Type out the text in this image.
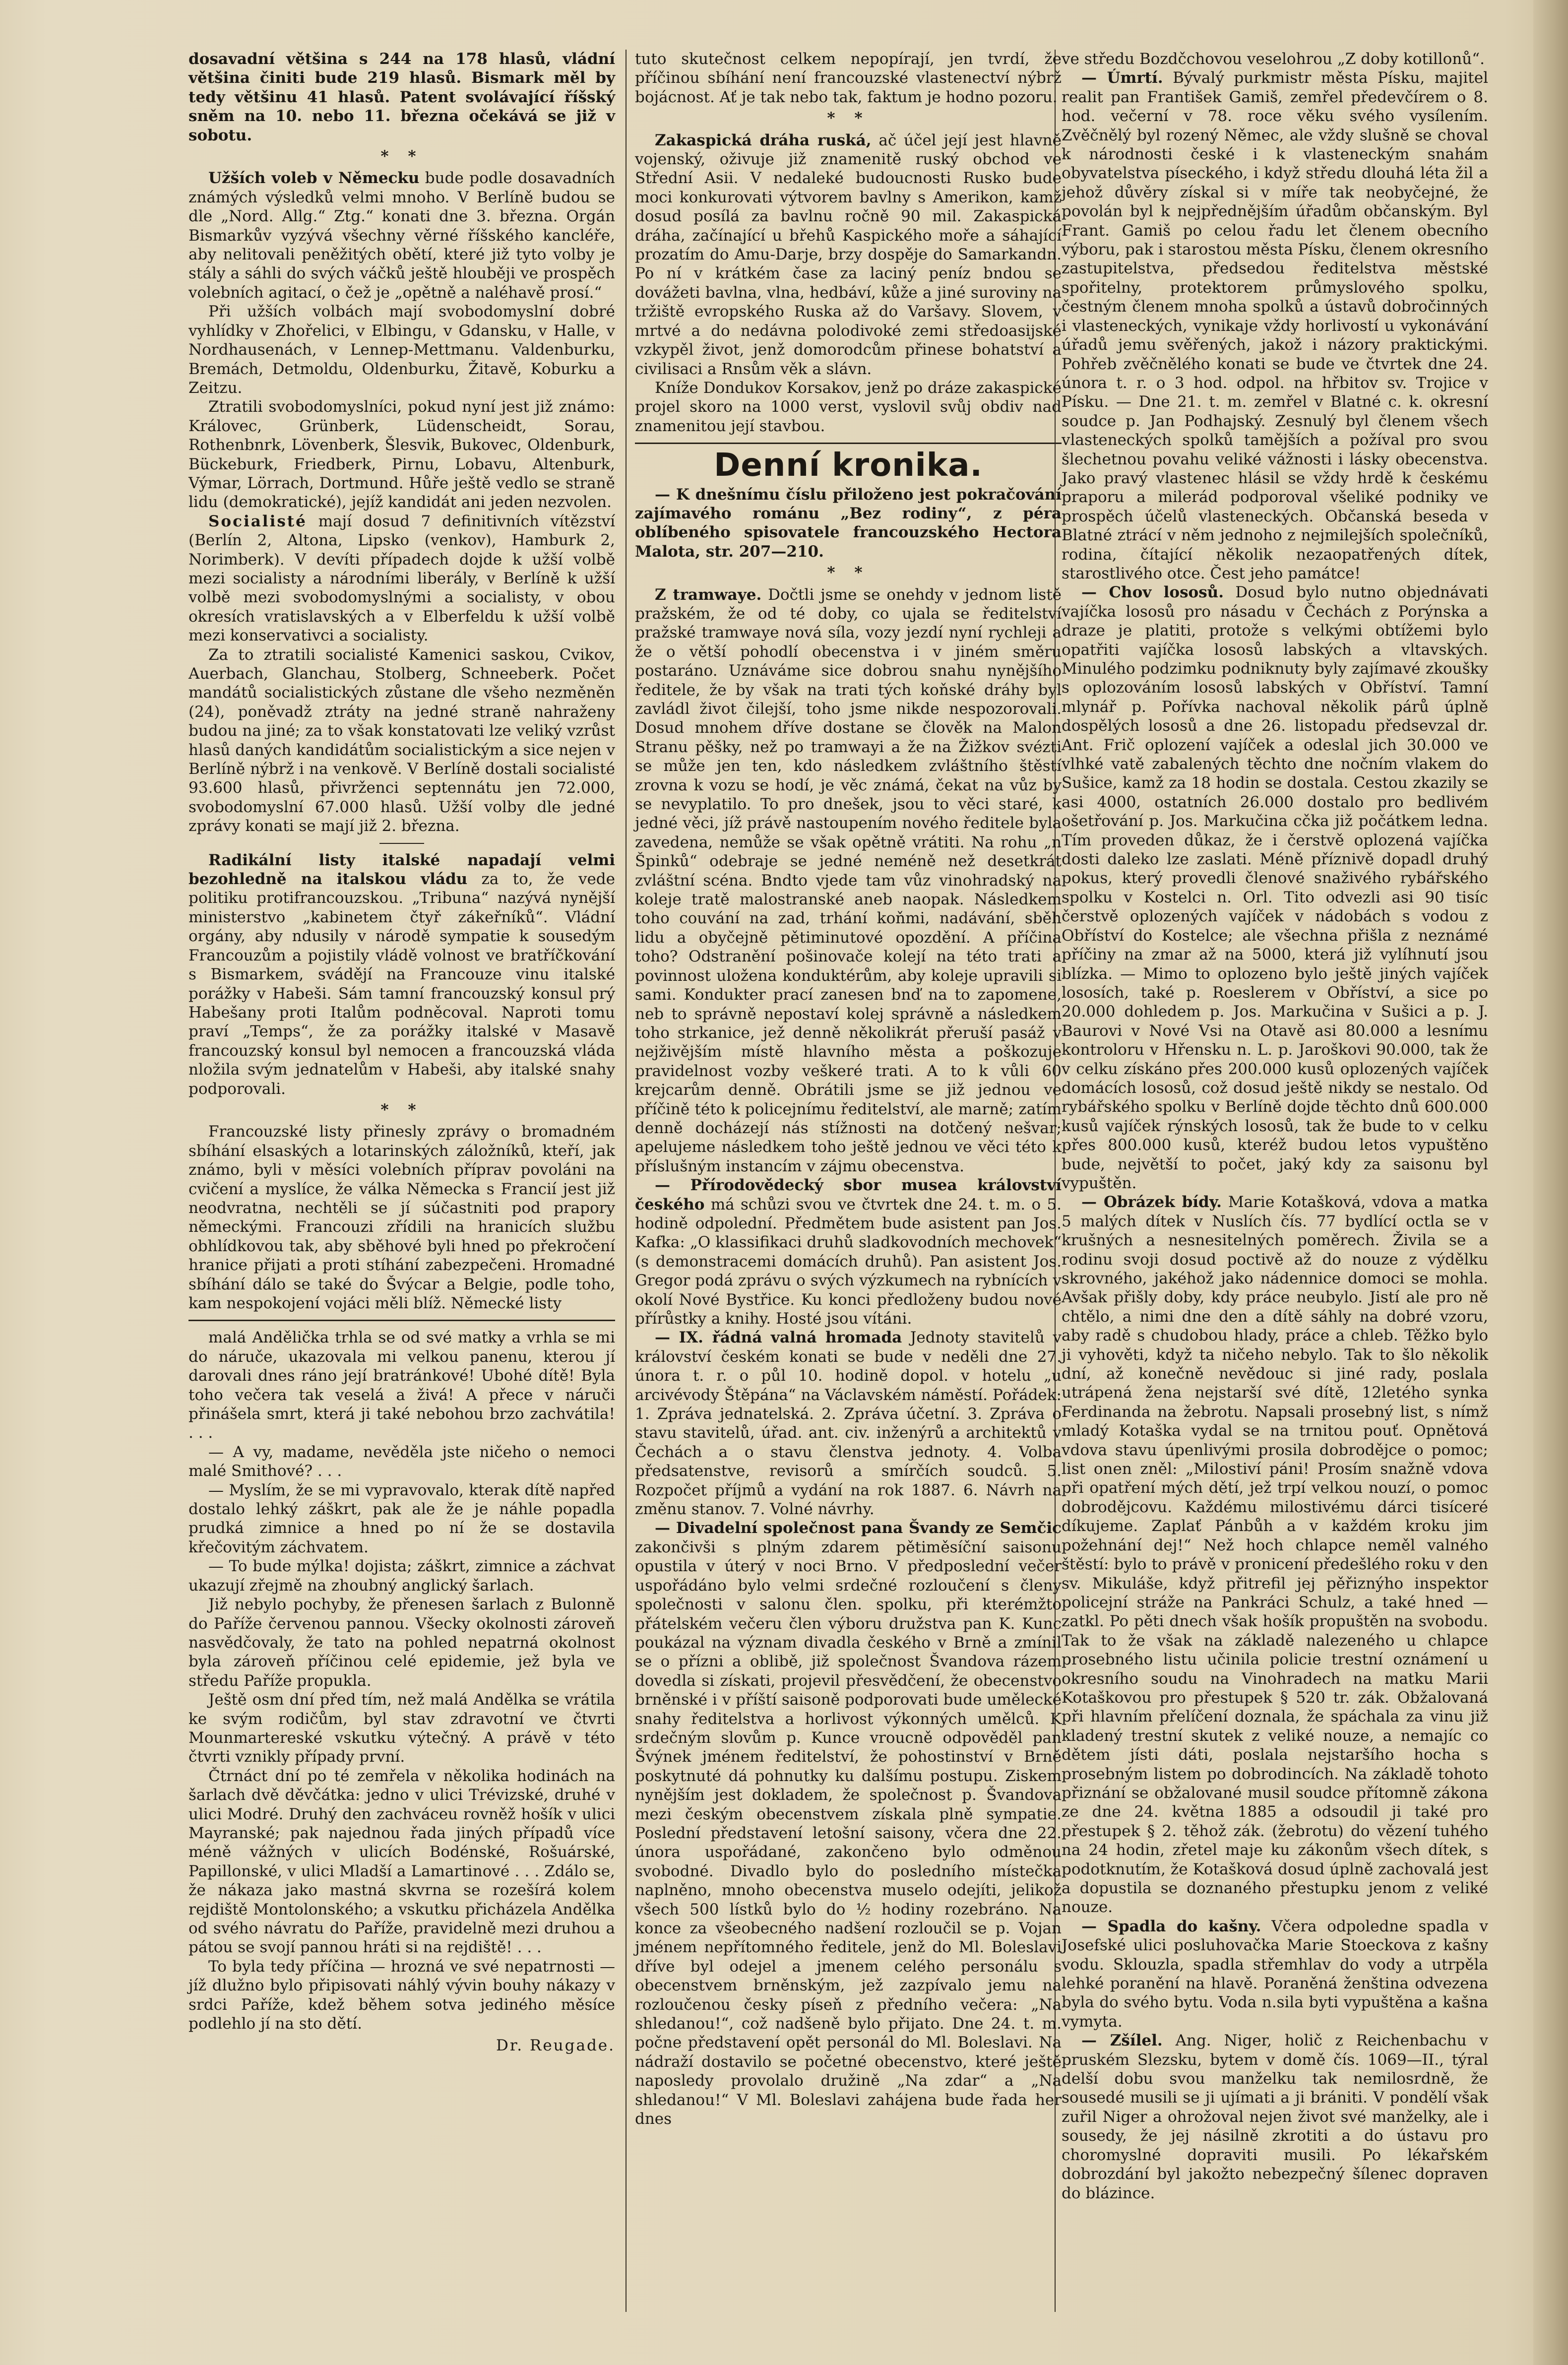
dosavadní většina s 244 na 178 hlasů, vládní většina činiti bude 219 hlasů. Bismark měl by tedy většinu 41 hlasů. Patent svolávající říšský sněm na 10. nebo 11. března očekává se již v sobotu.

* *

Užších voleb v Německu bude podle dosavadních známých výsledků velmi mnoho. V Berlíně budou se dle „Nord. Allg.“ Ztg.“ konati dne 3. března. Orgán Bismarkův vyzývá všechny věrné říšského kancléře, aby nelitovali peněžitých obětí, které již tyto volby je stály a sáhli do svých váčků ještě hlouběji ve prospěch volebních agitací, o čež je „opětně a naléhavě prosí.“

Při užších volbách mají svobodomyslní dobré vyhlídky v Zhořelici, v Elbingu, v Gdansku, v Halle, v Nordhausenách, v Lennep-Mettmanu. Valdenburku, Bremách, Detmoldu, Oldenburku, Žitavě, Koburku a Zeitzu.

Ztratili svobodomyslníci, pokud nyní jest již známo: Královec, Grünberk, Lüdenscheidt, Sorau, Rothenbnrk, Lövenberk, Šlesvik, Bukovec, Oldenburk, Bückeburk, Friedberk, Pirnu, Lobavu, Altenburk, Výmar, Lörrach, Dortmund. Hůře ještě vedlo se straně lidu (demokratické), jejíž kandidát ani jeden nezvolen.

Socialisté mají dosud 7 definitivních vítězství (Berlín 2, Altona, Lipsko (venkov), Hamburk 2, Norimberk). V devíti případech dojde k užší volbě mezi socialisty a národními liberály, v Berlíně k užší volbě mezi svobodomyslnými a socialisty, v obou okresích vratislavských a v Elberfeldu k užší volbě mezi konservativci a socialisty.

Za to ztratili socialisté Kamenici saskou, Cvikov, Auerbach, Glanchau, Stolberg, Schneeberk. Počet mandátů socialistických zůstane dle všeho nezměněn (24), poněvadž ztráty na jedné straně nahraženy budou na jiné; za to však konstatovati lze veliký vzrůst hlasů daných kandidátům socialistickým a sice nejen v Berlíně nýbrž i na venkově. V Berlíně dostali socialisté 93.600 hlasů, přivrženci septennátu jen 72.000, svobodomyslní 67.000 hlasů. Užší volby dle jedné zprávy konati se mají již 2. března.

Radikální listy italské napadají velmi bezohledně na italskou vládu za to, že vede politiku protifrancouzskou. „Tribuna“ nazývá nynější ministerstvo „kabinetem čtyř zákeřníků“. Vládní orgány, aby ndusily v národě sympatie k sousedým Francouzům a pojistily vládě volnost ve bratříčkování s Bismarkem, svádějí na Francouze vinu italské porážky v Habeši. Sám tamní francouzský konsul prý Habešany proti Italům podněcoval. Naproti tomu praví „Temps“, že za porážky italské v Masavě francouzský konsul byl nemocen a francouzská vláda nložila svým jednatelům v Habeši, aby italské snahy podporovali.

* *

Francouzské listy přinesly zprávy o bromadném sbíhání elsaských a lotarinských záložníků, kteří, jak známo, byli v měsíci volebních příprav povoláni na cvičení a myslíce, že válka Německa s Francií jest již neodvratna, nechtěli se jí súčastniti pod prapory německými. Francouzi zřídili na hranicích službu obhlídkovou tak, aby sběhové byli hned po překročení hranice přijati a proti stíhání zabezpečeni. Hromadné sbíhání dálo se také do Švýcar a Belgie, podle toho, kam nespokojení vojáci měli blíž. Německé listy

malá Andělička trhla se od své matky a vrhla se mi do náruče, ukazovala mi velkou panenu, kterou jí darovali dnes ráno její bratránkové! Ubohé dítě! Byla toho večera tak veselá a živá! A přece v náruči přinášela smrt, která ji také nebohou brzo zachvátila! . . .

— A vy, madame, nevěděla jste ničeho o nemoci malé Smithové? . . .

— Myslím, že se mi vypravovalo, kterak dítě napřed dostalo lehký záškrt, pak ale že je náhle popadla prudká zimnice a hned po ní že se dostavila křečovitým záchvatem.

— To bude mýlka! dojista; záškrt, zimnice a záchvat ukazují zřejmě na zhoubný anglický šarlach.

Již nebylo pochyby, že přenesen šarlach z Bulonně do Paříže červenou pannou. Všecky okolnosti zároveň nasvědčovaly, že tato na pohled nepatrná okolnost byla zároveň příčinou celé epidemie, jež byla ve středu Paříže propukla.

Ještě osm dní před tím, než malá Andělka se vrátila ke svým rodičům, byl stav zdravotní ve čtvrti Mounmartereské vskutku výtečný. A právě v této čtvrti vznikly případy první.

Čtrnáct dní po té zemřela v několika hodinách na šarlach dvě děvčátka: jedno v ulici Trévizské, druhé v ulici Modré. Druhý den zachváceu rovněž hošík v ulici Mayranské; pak najednou řada jiných případů více méně vážných v ulicích Bodénské, Rošuárské, Papillonské, v ulici Mladší a Lamartinové . . . Zdálo se, že nákaza jako mastná skvrna se rozešírá kolem rejdiště Montolonského; a vskutku přicházela Andělka od svého návratu do Paříže, pravidelně mezi druhou a pátou se svojí pannou hráti si na rejdiště! . . .

To byla tedy příčina — hrozná ve své nepatrnosti — jíž dlužno bylo připisovati náhlý vývin bouhy nákazy v srdci Paříže, kdež během sotva jediného měsíce podlehlo jí na sto dětí.

Dr. Reugade.

tuto skutečnost celkem nepopírají, jen tvrdí, že příčinou sbíhání není francouzské vlastenectví nýbrž bojácnost. Ať je tak nebo tak, faktum je hodno pozoru.

* *

Zakaspická dráha ruská, ač účel její jest hlavně vojenský, oživuje již znamenitě ruský obchod ve Střední Asii. V nedaleké budoucnosti Rusko bude moci konkurovati výtvorem bavlny s Amerikon, kamž dosud posílá za bavlnu ročně 90 mil. Zakaspická dráha, začínající u břehů Kaspického moře a sáhající prozatím do Amu-Darje, brzy dospěje do Samarkandn. Po ní v krátkém čase za laciný peníz bndou se dovážeti bavlna, vlna, hedbáví, kůže a jiné suroviny na tržiště evropského Ruska až do Varšavy. Slovem, v mrtvé a do nedávna polodivoké zemi středoasijské vzkypěl život, jenž domorodcům přinese bohatství a civilisaci a Rnsům věk a slávn.

Kníže Dondukov Korsakov, jenž po dráze zakaspické projel skoro na 1000 verst, vyslovil svůj obdiv nad znamenitou její stavbou.

Denní kronika.

— K dnešnímu číslu přiloženo jest pokračování zajímavého románu „Bez rodiny“, z péra oblíbeného spisovatele francouzského Hectora Malota, str. 207—210.

* *

Z tramwaye. Dočtli jsme se onehdy v jednom listě pražském, že od té doby, co ujala se ředitelství pražské tramwaye nová síla, vozy jezdí nyní rychleji a že o větší pohodlí obecenstva i v jiném směru postaráno. Uznáváme sice dobrou snahu nynějšího ředitele, že by však na trati tých koňské dráhy byl zavládl život čilejší, toho jsme nikde nespozorovali. Dosud mnohem dříve dostane se člověk na Malon Stranu pěšky, než po tramwayi a že na Žižkov svézti se může jen ten, kdo následkem zvláštního štěstí zrovna k vozu se hodí, je věc známá, čekat na vůz by se nevyplatilo. To pro dnešek, jsou to věci staré, k jedné věci, jíž právě nastoupením nového ředitele byla zavedena, nemůže se však opětně vrátiti. Na rohu „n Špinků“ odebraje se jedné neméně než desetkrát zvláštní scéna. Bndto vjede tam vůz vinohradský na koleje tratě malostranské aneb naopak. Následkem toho couvání na zad, trhání koňmi, nadávání, sběh lidu a obyčejně pětiminutové opozdění. A příčina toho? Odstranění pošinovače kolejí na této trati a povinnost uložena konduktérům, aby koleje upravili si sami. Kondukter prací zanesen bnď na to zapomene, neb to správně nepostaví kolej správně a následkem toho strkanice, jež denně několikrát přeruší pasáž v nejživějším místě hlavního města a poškozuje pravidelnost vozby veškeré trati. A to k vůli 60 krejcarům denně. Obrátili jsme se již jednou ve příčině této k policejnímu ředitelství, ale marně; zatím denně docházejí nás stížnosti na dotčený nešvar; apelujeme následkem toho ještě jednou ve věci této k příslušným instancím v zájmu obecenstva.

— Přírodovědecký sbor musea království českého má schůzi svou ve čtvrtek dne 24. t. m. o 5. hodině odpolední. Předmětem bude asistent pan Jos. Kafka: „O klassifikaci druhů sladkovodních mechovek“ (s demonstracemi domácích druhů). Pan asistent Jos. Gregor podá zprávu o svých výzkumech na rybnících v okolí Nové Bystřice. Ku konci předloženy budou nové přírůstky a knihy. Hosté jsou vítáni.

— IX. řádná valná hromada Jednoty stavitelů v království českém konati se bude v neděli dne 27. února t. r. o půl 10. hodině dopol. v hotelu „u arcivévody Štěpána“ na Václavském náměstí. Pořádek: 1. Zpráva jednatelská. 2. Zpráva účetní. 3. Zpráva o stavu stavitelů, úřad. ant. civ. inženýrů a architektů v Čechách a o stavu členstva jednoty. 4. Volba předsatenstve, revisorů a smírčích soudců. 5. Rozpočet příjmů a vydání na rok 1887. 6. Návrh na změnu stanov. 7. Volné návrhy.

— Divadelní společnost pana Švandy ze Semčic zakončivši s plným zdarem pětiměsíční saisonu opustila v úterý v noci Brno. V předposlední večer uspořádáno bylo velmi srdečné rozloučení s členy společnosti v salonu člen. spolku, při kterémžto přátelském večeru člen výboru družstva pan K. Kunc poukázal na význam divadla českého v Brně a zmínil se o přízni a oblibě, již společnost Švandova rázem dovedla si získati, projevil přesvědčení, že obecenstvo brněnské i v příští saisoně podporovati bude umělecké snahy ředitelstva a horlivost výkonných umělců. K srdečným slovům p. Kunce vroucně odpověděl pan Švýnek jménem ředitelství, že pohostinství v Brně poskytnuté dá pohnutky ku dalšímu postupu. Ziskem nynějším jest dokladem, že společnost p. Švandova mezi českým obecenstvem získala plně sympatie. Poslední představení letošní saisony, včera dne 22. února uspořádané, zakončeno bylo odměnou svobodné. Divadlo bylo do posledního místečka naplněno, mnoho obecenstva muselo odejíti, jelikož všech 500 lístků bylo do ½ hodiny rozebráno. Na konce za všeobecného nadšení rozloučil se p. Vojan jménem nepřítomného ředitele, jenž do Ml. Boleslavi dříve byl odejel a jmenem celého personálu s obecenstvem brněnským, jež zazpívalo jemu na rozloučenou česky píseň z předního večera: „Na shledanou!“, což nadšeně bylo přijato. Dne 24. t. m. počne představení opět personál do Ml. Boleslavi. Na nádraží dostavilo se početné obecenstvo, které ještě naposledy provolalo družině „Na zdar“ a „Na shledanou!“ V Ml. Boleslavi zahájena bude řada her dnes

ve středu Bozdčchovou veselohrou „Z doby kotillonů“.

— Úmrtí. Bývalý purkmistr města Písku, majitel realit pan František Gamiš, zemřel předevčírem o 8. hod. večerní v 78. roce věku svého vysílením. Zvěčnělý byl rozený Němec, ale vždy slušně se choval k národnosti české i k vlasteneckým snahám obyvatelstva píseckého, i když středu dlouhá léta žil a jehož důvěry získal si v míře tak neobyčejné, že povolán byl k nejpřednějším úřadům občanským. Byl Frant. Gamiš po celou řadu let členem obecního výboru, pak i starostou města Písku, členem okresního zastupitelstva, předsedou ředitelstva městské spořitelny, protektorem průmyslového spolku, čestným členem mnoha spolků a ústavů dobročinných i vlasteneckých, vynikaje vždy horlivostí u vykonávání úřadů jemu svěřených, jakož i názory praktickými. Pohřeb zvěčnělého konati se bude ve čtvrtek dne 24. února t. r. o 3 hod. odpol. na hřbitov sv. Trojice v Písku. — Dne 21. t. m. zemřel v Blatné c. k. okresní soudce p. Jan Podhajský. Zesnulý byl členem všech vlasteneckých spolků tamějších a požíval pro svou šlechetnou povahu veliké vážnosti i lásky obecenstva. Jako pravý vlastenec hlásil se vždy hrdě k českému praporu a milerád podporoval všeliké podniky ve prospěch účelů vlasteneckých. Občanská beseda v Blatné ztrácí v něm jednoho z nejmilejších společníků, rodina, čítající několik nezaopatřených dítek, starostlivého otce. Čest jeho památce!

— Chov lososů. Dosud bylo nutno objednávati vajíčka lososů pro násadu v Čechách z Porýnska a draze je platiti, protože s velkými obtížemi bylo opatřiti vajíčka lososů labských a vltavských. Minulého podzimku podniknuty byly zajímavé zkoušky s oplozováním lososů labských v Obříství. Tamní mlynář p. Pořívka nachoval několik párů úplně dospělých lososů a dne 26. listopadu předsevzal dr. Ant. Frič oplození vajíček a odeslal jich 30.000 ve vlhké vatě zabalených těchto dne nočním vlakem do Sušice, kamž za 18 hodin se dostala. Cestou zkazily se asi 4000, ostatních 26.000 dostalo pro bedlivém ošetřování p. Jos. Markučina cčka již počátkem ledna. Tím proveden důkaz, že i čerstvě oplozená vajíčka dosti daleko lze zaslati. Méně příznivě dopadl druhý pokus, který provedli členové snaživého rybářského spolku v Kostelci n. Orl. Tito odvezli asi 90 tisíc čerstvě oplozených vajíček v nádobách s vodou z Obříství do Kostelce; ale všechna přišla z neznámé příčiny na zmar až na 5000, která již vylíhnutí jsou blízka. — Mimo to oplozeno bylo ještě jiných vajíček lososích, také p. Roeslerem v Obříství, a sice po 20.000 dohledem p. Jos. Markučina v Sušici a p. J. Baurovi v Nové Vsi na Otavě asi 80.000 a lesnímu kontroloru v Hřensku n. L. p. Jaroškovi 90.000, tak že v celku získáno přes 200.000 kusů oplozených vajíček domácích lososů, což dosud ještě nikdy se nestalo. Od rybářského spolku v Berlíně dojde těchto dnů 600.000 kusů vajíček rýnských lososů, tak že bude to v celku přes 800.000 kusů, kteréž budou letos vypuštěno bude, největší to počet, jaký kdy za saisonu byl vypuštěn.

— Obrázek bídy. Marie Kotašková, vdova a matka 5 malých dítek v Nuslích čís. 77 bydlící octla se v krušných a nesnesitelných poměrech. Živila se a rodinu svoji dosud poctivě až do nouze z výdělku skrovného, jakéhož jako nádennice domoci se mohla. Avšak přišly doby, kdy práce neubylo. Jistí ale pro ně chtělo, a nimi dne den a dítě sáhly na dobré vzoru, aby radě s chudobou hlady, práce a chleb. Těžko bylo ji vyhověti, když ta ničeho nebylo. Tak to šlo několik dní, až konečně nevědouc si jiné rady, poslala utrápená žena nejstarší své dítě, 12letého synka Ferdinanda na žebrotu. Napsali prosebný list, s nímž mladý Kotaška vydal se na trnitou pouť. Opnětová vdova stavu úpenlivými prosila dobrodějce o pomoc; list onen zněl: „Milostiví páni! Prosím snažně vdova při opatření mých dětí, jež trpí velkou nouzí, o pomoc dobrodějcovu. Každému milostivému dárci tisíceré díkujeme. Zaplať Pánbůh a v každém kroku jim požehnání dej!“ Než hoch chlapce neměl valného štěstí: bylo to právě v pronicení předešlého roku v den sv. Mikuláše, když přitrefil jej pěřiznýho inspektor policejní stráže na Pankráci Schulz, a také hned — zatkl. Po pěti dnech však hošík propuštěn na svobodu. Tak to že však na základě nalezeného u chlapce prosebného listu učinila policie trestní oznámení u okresního soudu na Vinohradech na matku Marii Kotaškovou pro přestupek § 520 tr. zák. Obžalovaná při hlavním přelíčení doznala, že spáchala za vinu již kladený trestní skutek z veliké nouze, a nemajíc co dětem jísti dáti, poslala nejstaršího hocha s prosebným listem po dobrodincích. Na základě tohoto přiznání se obžalované musil soudce přítomně zákona ze dne 24. května 1885 a odsoudil ji také pro přestupek § 2. těhož zák. (žebrotu) do vězení tuhého na 24 hodin, zřetel maje ku zákonům všech dítek, s podotknutím, že Kotašková dosud úplně zachovalá jest a dopustila se doznaného přestupku jenom z veliké nouze.

— Spadla do kašny. Včera odpoledne spadla v Josefské ulici posluhovačka Marie Stoeckova z kašny vodu. Sklouzla, spadla střemhlav do vody a utrpěla lehké poranění na hlavě. Poraněná ženština odvezena byla do svého bytu. Voda n.sila byti vypuštěna a kašna vymyta.

— Zšílel. Ang. Niger, holič z Reichenbachu v pruském Slezsku, bytem v domě čís. 1069—II., týral delší dobu svou manželku tak nemilosrdně, že sousedé musili se ji ujímati a ji brániti. V pondělí však zuřil Niger a ohrožoval nejen život své manželky, ale i sousedy, že jej násilně zkrotiti a do ústavu pro choromyslné dopraviti musili. Po lékařském dobrozdání byl jakožto nebezpečný šílenec dopraven do blázince.
